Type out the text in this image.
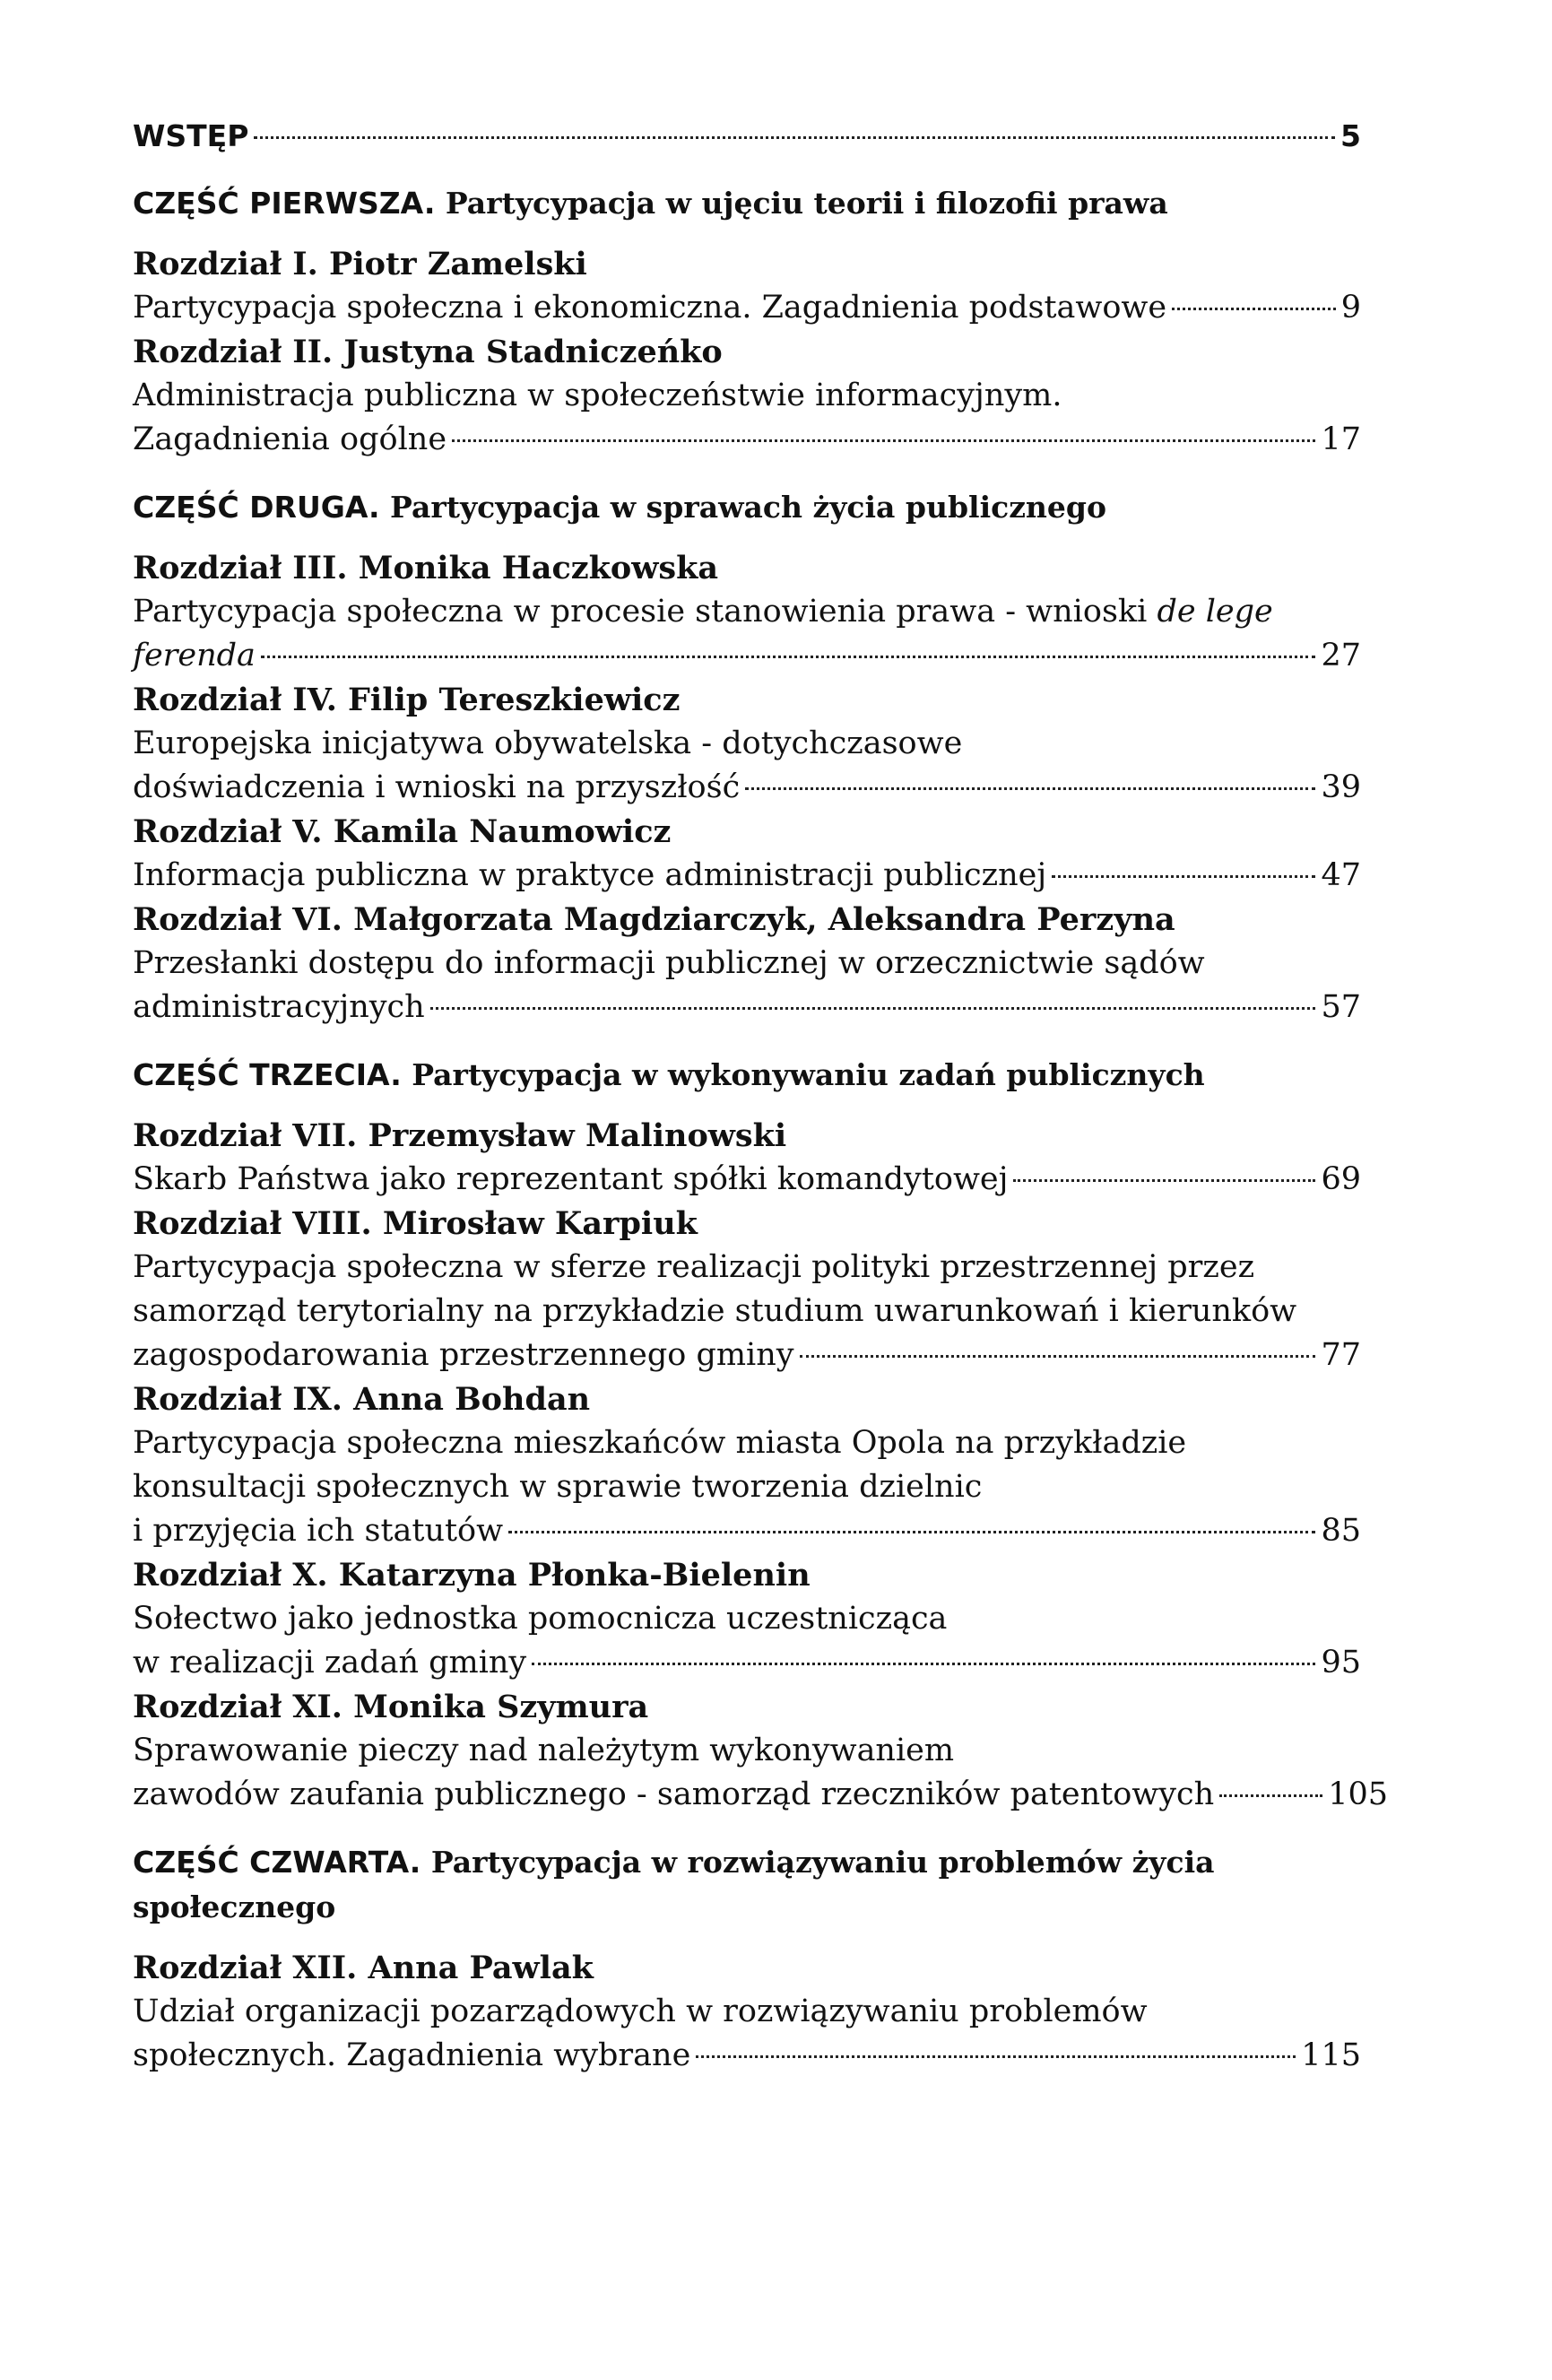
WSTĘP	5
CZĘŚĆ PIERWSZA. Partycypacja w ujęciu teorii i filozofii prawa
Rozdział I. Piotr Zamelski
Partycypacja społeczna i ekonomiczna. Zagadnienia podstawowe	9
Rozdział II. Justyna Stadniczeńko
Administracja publiczna w społeczeństwie informacyjnym.
Zagadnienia ogólne	17
CZĘŚĆ DRUGA. Partycypacja w sprawach życia publicznego
Rozdział III. Monika Haczkowska
Partycypacja społeczna w procesie stanowienia prawa - wnioski de lege
ferenda	27
Rozdział IV. Filip Tereszkiewicz
Europejska inicjatywa obywatelska - dotychczasowe
doświadczenia i wnioski na przyszłość	39
Rozdział V. Kamila Naumowicz
Informacja publiczna w praktyce administracji publicznej	47
Rozdział VI. Małgorzata Magdziarczyk, Aleksandra Perzyna
Przesłanki dostępu do informacji publicznej w orzecznictwie sądów
administracyjnych	57
CZĘŚĆ TRZECIA. Partycypacja w wykonywaniu zadań publicznych
Rozdział VII. Przemysław Malinowski
Skarb Państwa jako reprezentant spółki komandytowej	69
Rozdział VIII. Mirosław Karpiuk
Partycypacja społeczna w sferze realizacji polityki przestrzennej przez
samorząd terytorialny na przykładzie studium uwarunkowań i kierunków
zagospodarowania przestrzennego gminy	77
Rozdział IX. Anna Bohdan
Partycypacja społeczna mieszkańców miasta Opola na przykładzie
konsultacji społecznych w sprawie tworzenia dzielnic
i przyjęcia ich statutów	85
Rozdział X. Katarzyna Płonka-Bielenin
Sołectwo jako jednostka pomocnicza uczestnicząca
w realizacji zadań gminy	95
Rozdział XI. Monika Szymura
Sprawowanie pieczy nad należytym wykonywaniem
zawodów zaufania publicznego - samorząd rzeczników patentowych	105
CZĘŚĆ CZWARTA. Partycypacja w rozwiązywaniu problemów życia
społecznego
Rozdział XII. Anna Pawlak
Udział organizacji pozarządowych w rozwiązywaniu problemów
społecznych. Zagadnienia wybrane	115
